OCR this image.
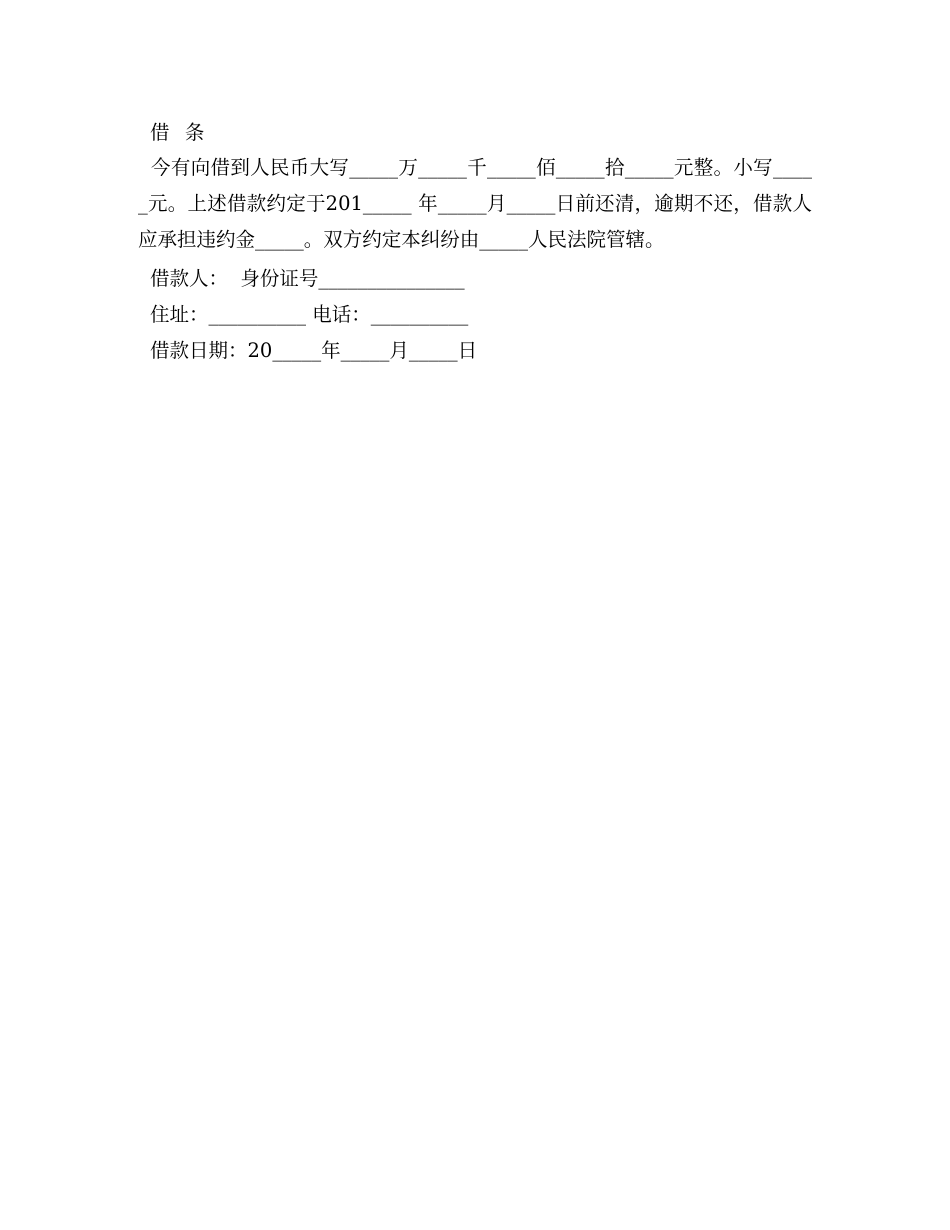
借  条

今有向借到人民币大写_____万_____千_____佰_____拾_____元整。小写_____元。上述借款约定于201_____ 年_____月_____日前还清，逾期不还，借款人应承担违约金_____。双方约定本纠纷由_____人民法院管辖。

借款人：  身份证号_______________

住址：__________ 电话：__________

借款日期：20_____年_____月_____日
